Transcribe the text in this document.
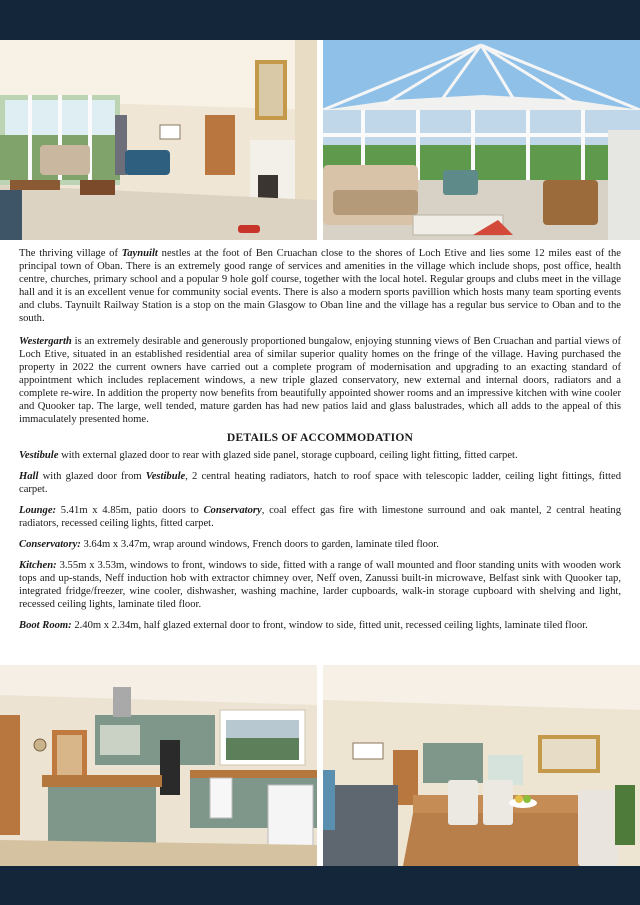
The thriving village of Taynuilt nestles at the foot of Ben Cruachan close to the shores of Loch Etive and lies some 12 miles east of the principal town of Oban. There is an extremely good range of services and amenities in the village which include shops, post office, health centre, churches, primary school and a popular 9 hole golf course, together with the local hotel. Regular groups and clubs meet in the village hall and it is an excellent venue for community social events. There is also a modern sports pavillion which hosts many team sporting events and clubs. Taynuilt Railway Station is a stop on the main Glasgow to Oban line and the village has a regular bus service to Oban and to the south.

Westergarth is an extremely desirable and generously proportioned bungalow, enjoying stunning views of Ben Cruachan and partial views of Loch Etive, situated in an established residential area of similar superior quality homes on the fringe of the village. Having purchased the property in 2022 the current owners have carried out a complete program of modernisation and upgrading to an exacting standard of appointment which includes replacement windows, a new triple glazed conservatory, new external and internal doors, radiators and a complete re-wire. In addition the property now benefits from beautifully appointed shower rooms and an impressive kitchen with wine cooler and Quooker tap. The large, well tended, mature garden has had new patios laid and glass balustrades, which all adds to the appeal of this immaculately presented home.

DETAILS OF ACCOMMODATION

Vestibule with external glazed door to rear with glazed side panel, storage cupboard, ceiling light fitting, fitted carpet.

Hall with glazed door from Vestibule, 2 central heating radiators, hatch to roof space with telescopic ladder, ceiling light fittings, fitted carpet.

Lounge: 5.41m x 4.85m, patio doors to Conservatory, coal effect gas fire with limestone surround and oak mantel, 2 central heating radiators, recessed ceiling lights, fitted carpet.

Conservatory: 3.64m x 3.47m, wrap around windows, French doors to garden, laminate tiled floor.

Kitchen: 3.55m x 3.53m, windows to front, windows to side, fitted with a range of wall mounted and floor standing units with wooden work tops and up-stands, Neff induction hob with extractor chimney over, Neff oven, Zanussi built-in microwave, Belfast sink with Quooker tap, integrated fridge/freezer, wine cooler, dishwasher, washing machine, larder cupboards, walk-in storage cupboard with shelving and light, recessed ceiling lights, laminate tiled floor.

Boot Room: 2.40m x 2.34m, half glazed external door to front, window to side, fitted unit, recessed ceiling lights, laminate tiled floor.
